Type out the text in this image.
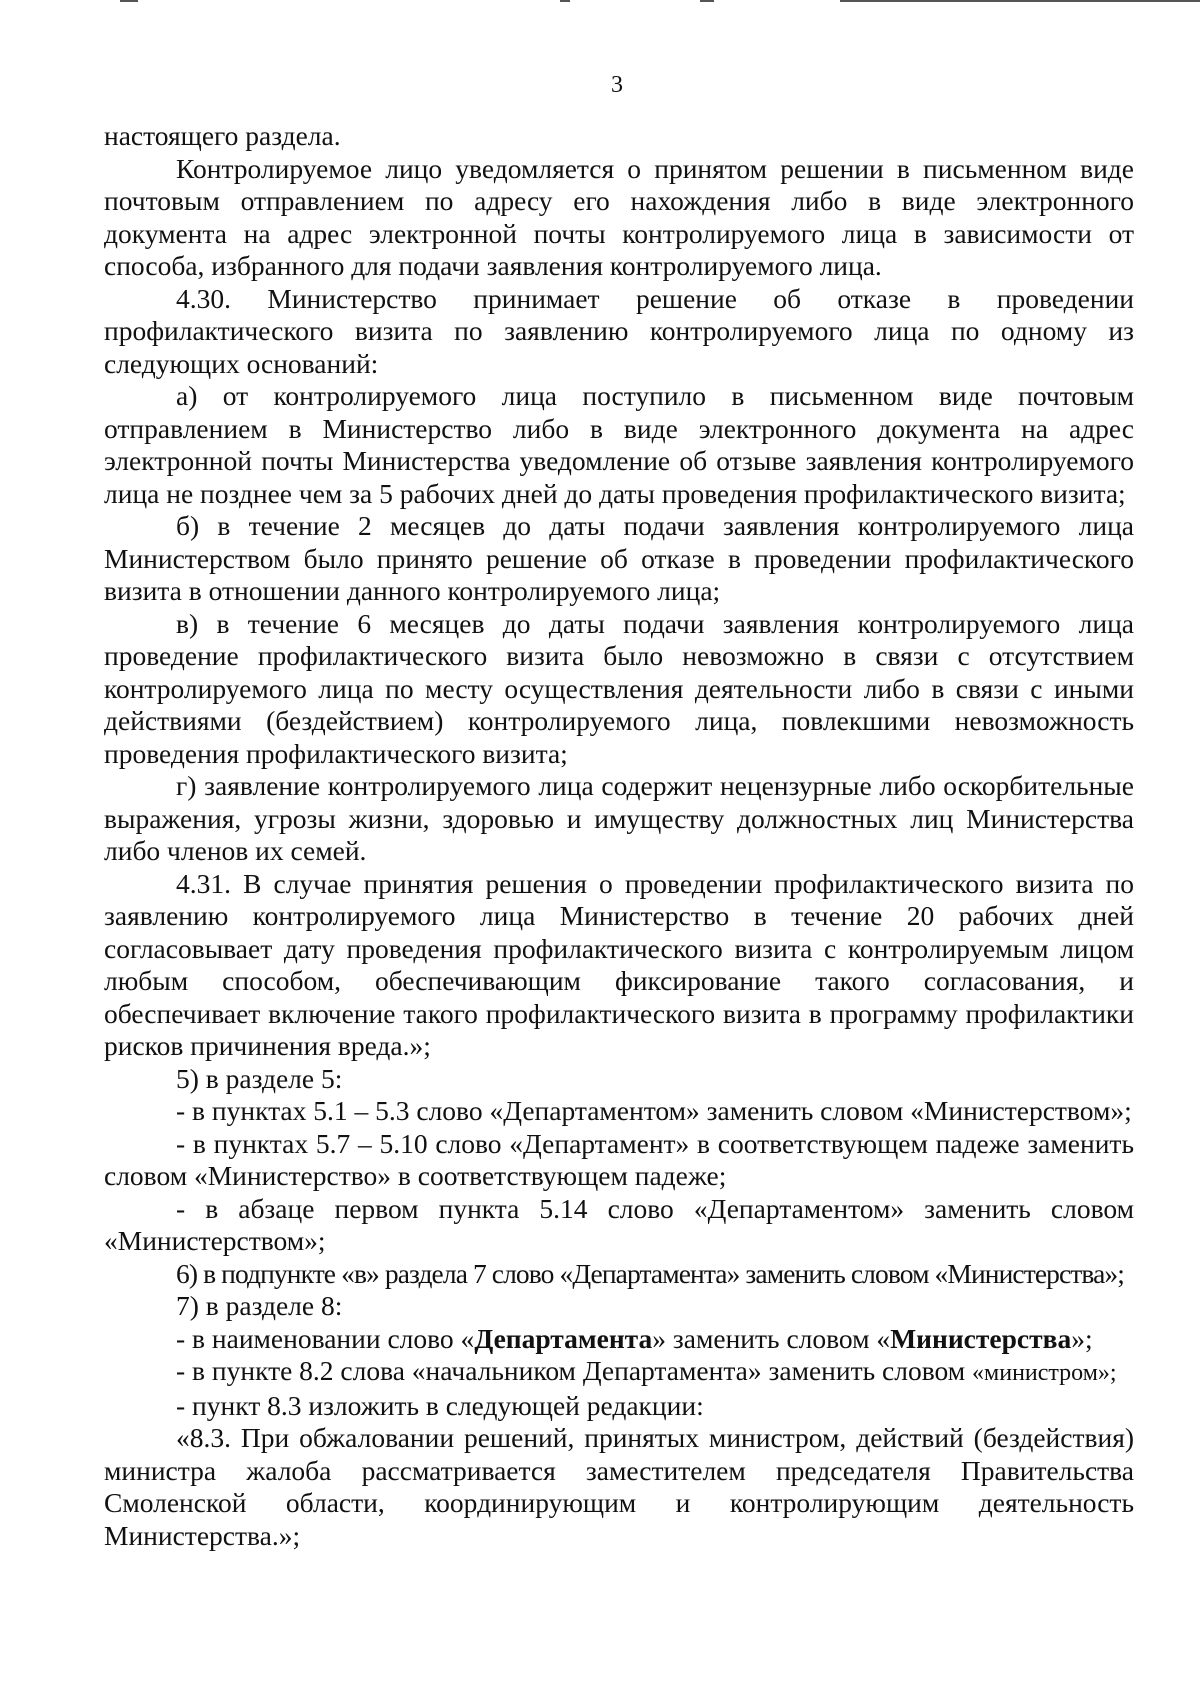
3

настоящего раздела.

Контролируемое лицо уведомляется о принятом решении в письменном виде почтовым отправлением по адресу его нахождения либо в виде электронного документа на адрес электронной почты контролируемого лица в зависимости от способа, избранного для подачи заявления контролируемого лица.

4.30. Министерство принимает решение об отказе в проведении профилактического визита по заявлению контролируемого лица по одному из следующих оснований:

а) от контролируемого лица поступило в письменном виде почтовым отправлением в Министерство либо в виде электронного документа на адрес электронной почты Министерства уведомление об отзыве заявления контролируемого лица не позднее чем за 5 рабочих дней до даты проведения профилактического визита;

б) в течение 2 месяцев до даты подачи заявления контролируемого лица Министерством было принято решение об отказе в проведении профилактического визита в отношении данного контролируемого лица;

в) в течение 6 месяцев до даты подачи заявления контролируемого лица проведение профилактического визита было невозможно в связи с отсутствием контролируемого лица по месту осуществления деятельности либо в связи с иными действиями (бездействием) контролируемого лица, повлекшими невозможность проведения профилактического визита;

г) заявление контролируемого лица содержит нецензурные либо оскорбительные выражения, угрозы жизни, здоровью и имуществу должностных лиц Министерства либо членов их семей.

4.31. В случае принятия решения о проведении профилактического визита по заявлению контролируемого лица Министерство в течение 20 рабочих дней согласовывает дату проведения профилактического визита с контролируемым лицом любым способом, обеспечивающим фиксирование такого согласования, и обеспечивает включение такого профилактического визита в программу профилактики рисков причинения вреда.»;

5) в разделе 5:

- в пунктах 5.1 – 5.3 слово «Департаментом» заменить словом «Министерством»;

- в пунктах 5.7 – 5.10 слово «Департамент» в соответствующем падеже заменить словом «Министерство» в соответствующем падеже;

- в абзаце первом пункта 5.14 слово «Департаментом» заменить словом «Министерством»;

6) в подпункте «в» раздела 7 слово «Департамента» заменить словом «Министерства»;

7) в разделе 8:

- в наименовании слово «Департамента» заменить словом «Министерства»;

- в пункте 8.2 слова «начальником Департамента» заменить словом «министром»;

- пункт 8.3 изложить в следующей редакции:

«8.3. При обжаловании решений, принятых министром, действий (бездействия) министра жалоба рассматривается заместителем председателя Правительства Смоленской области, координирующим и контролирующим деятельность Министерства.»;
